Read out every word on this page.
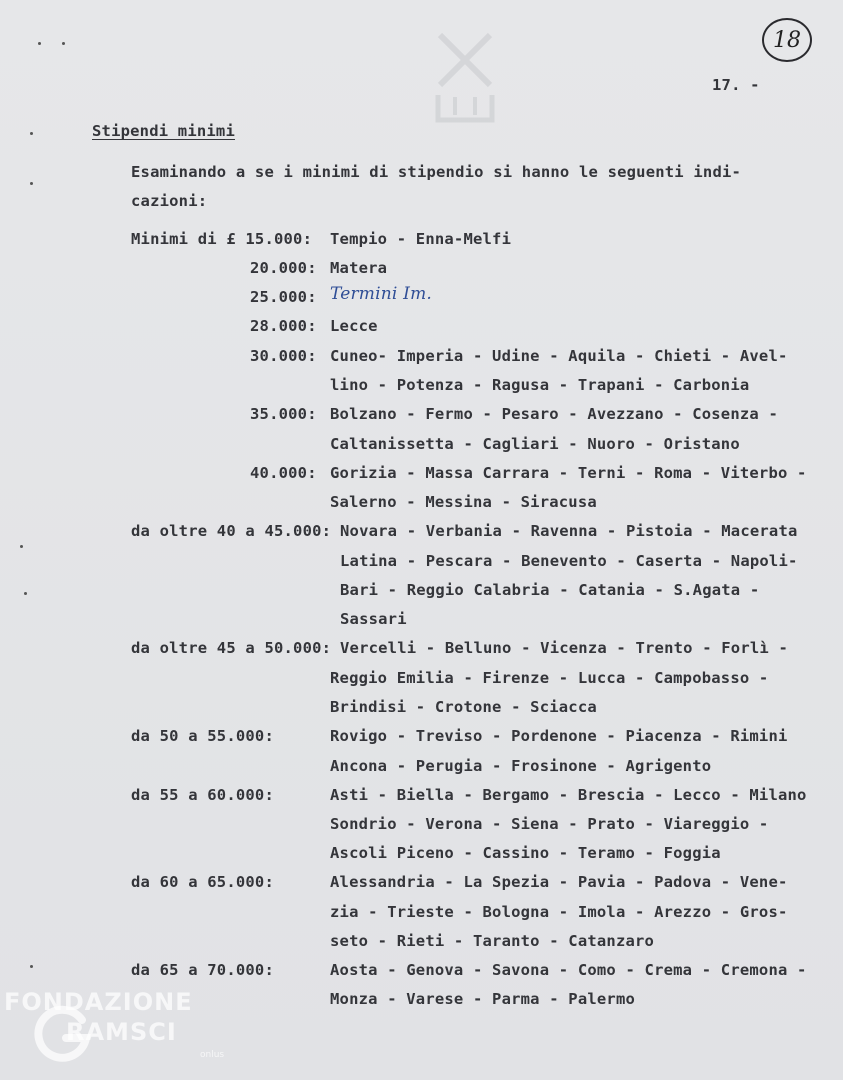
18
17. -
Stipendi minimi
Esaminando a se i minimi di stipendio si hanno le seguenti indi-
cazioni:
Minimi di £ 15.000: Tempio - Enna-Melfi
20.000: Matera
25.000: Termini Im.
28.000: Lecce
30.000: Cuneo- Imperia - Udine - Aquila - Chieti - Avel-
lino - Potenza - Ragusa - Trapani - Carbonia
35.000: Bolzano - Fermo - Pesaro - Avezzano - Cosenza -
Caltanissetta - Cagliari - Nuoro - Oristano
40.000: Gorizia - Massa Carrara - Terni - Roma - Viterbo -
Salerno - Messina - Siracusa
da oltre 40 a 45.000: Novara - Verbania - Ravenna - Pistoia - Macerata
Latina - Pescara - Benevento - Caserta - Napoli-
Bari - Reggio Calabria - Catania - S.Agata -
Sassari
da oltre 45 a 50.000: Vercelli - Belluno - Vicenza - Trento - Forlì -
Reggio Emilia - Firenze - Lucca - Campobasso -
Brindisi - Crotone - Sciacca
da 50 a 55.000:	Rovigo - Treviso - Pordenone - Piacenza - Rimini
Ancona - Perugia - Frosinone - Agrigento
da 55 a 60.000:	Asti - Biella - Bergamo - Brescia - Lecco - Milano
Sondrio - Verona - Siena - Prato - Viareggio -
Ascoli Piceno - Cassino - Teramo - Foggia
da 60 a 65.000:	Alessandria - La Spezia - Pavia - Padova - Vene-
zia - Trieste - Bologna - Imola - Arezzo - Gros-
seto - Rieti - Taranto - Catanzaro
da 65 a 70.000:	Aosta - Genova - Savona - Como - Crema - Cremona -
Monza - Varese - Parma - Palermo
FONDAZIONE
RAMSCI
onlus
